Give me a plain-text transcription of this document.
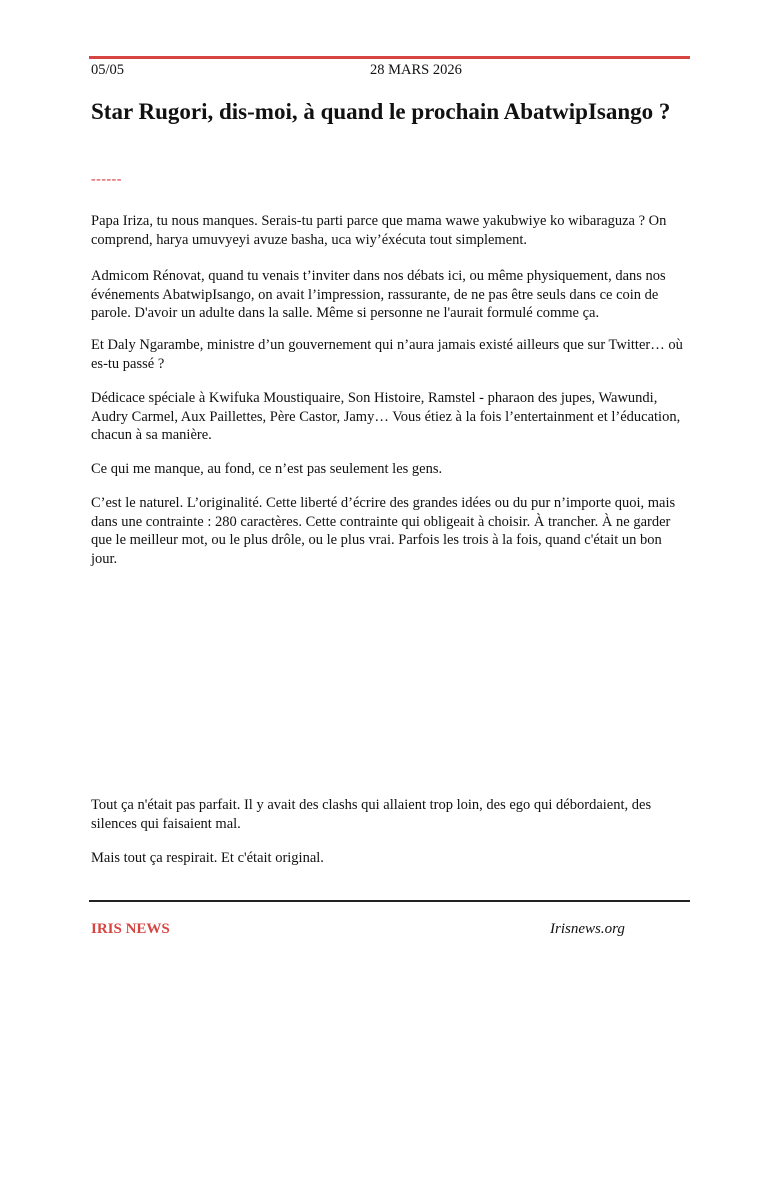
05/05	28 MARS 2026
Star Rugori, dis-moi, à quand le prochain AbatwipIsango ?
------

Papa Iriza, tu nous manques. Serais-tu parti parce que mama wawe yakubwiye ko wibaraguza ? On comprend, harya umuvyeyi avuze basha, uca wiy’éxécuta tout simplement.

Admicom Rénovat, quand tu venais t’inviter dans nos débats ici, ou même physiquement, dans nos événements AbatwipIsango, on avait l’impression, rassurante, de ne pas être seuls dans ce coin de parole. D'avoir un adulte dans la salle. Même si personne ne l'aurait formulé comme ça.

Et Daly Ngarambe, ministre d’un gouvernement qui n’aura jamais existé ailleurs que sur Twitter… où es-tu passé ?

Dédicace spéciale à Kwifuka Moustiquaire, Son Histoire, Ramstel - pharaon des jupes, Wawundi, Audry Carmel, Aux Paillettes, Père Castor, Jamy… Vous étiez à la fois l’entertainment et l’éducation, chacun à sa manière.

Ce qui me manque, au fond, ce n’est pas seulement les gens.

C’est le naturel. L’originalité. Cette liberté d’écrire des grandes idées ou du pur n’importe quoi, mais dans une contrainte : 280 caractères. Cette contrainte qui obligeait à choisir. À trancher. À ne garder que le meilleur mot, ou le plus drôle, ou le plus vrai. Parfois les trois à la fois, quand c'était un bon jour.

Tout ça n'était pas parfait. Il y avait des clashs qui allaient trop loin, des ego qui débordaient, des silences qui faisaient mal.

Mais tout ça respirait. Et c'était original.

IRIS NEWS	Irisnews.org
